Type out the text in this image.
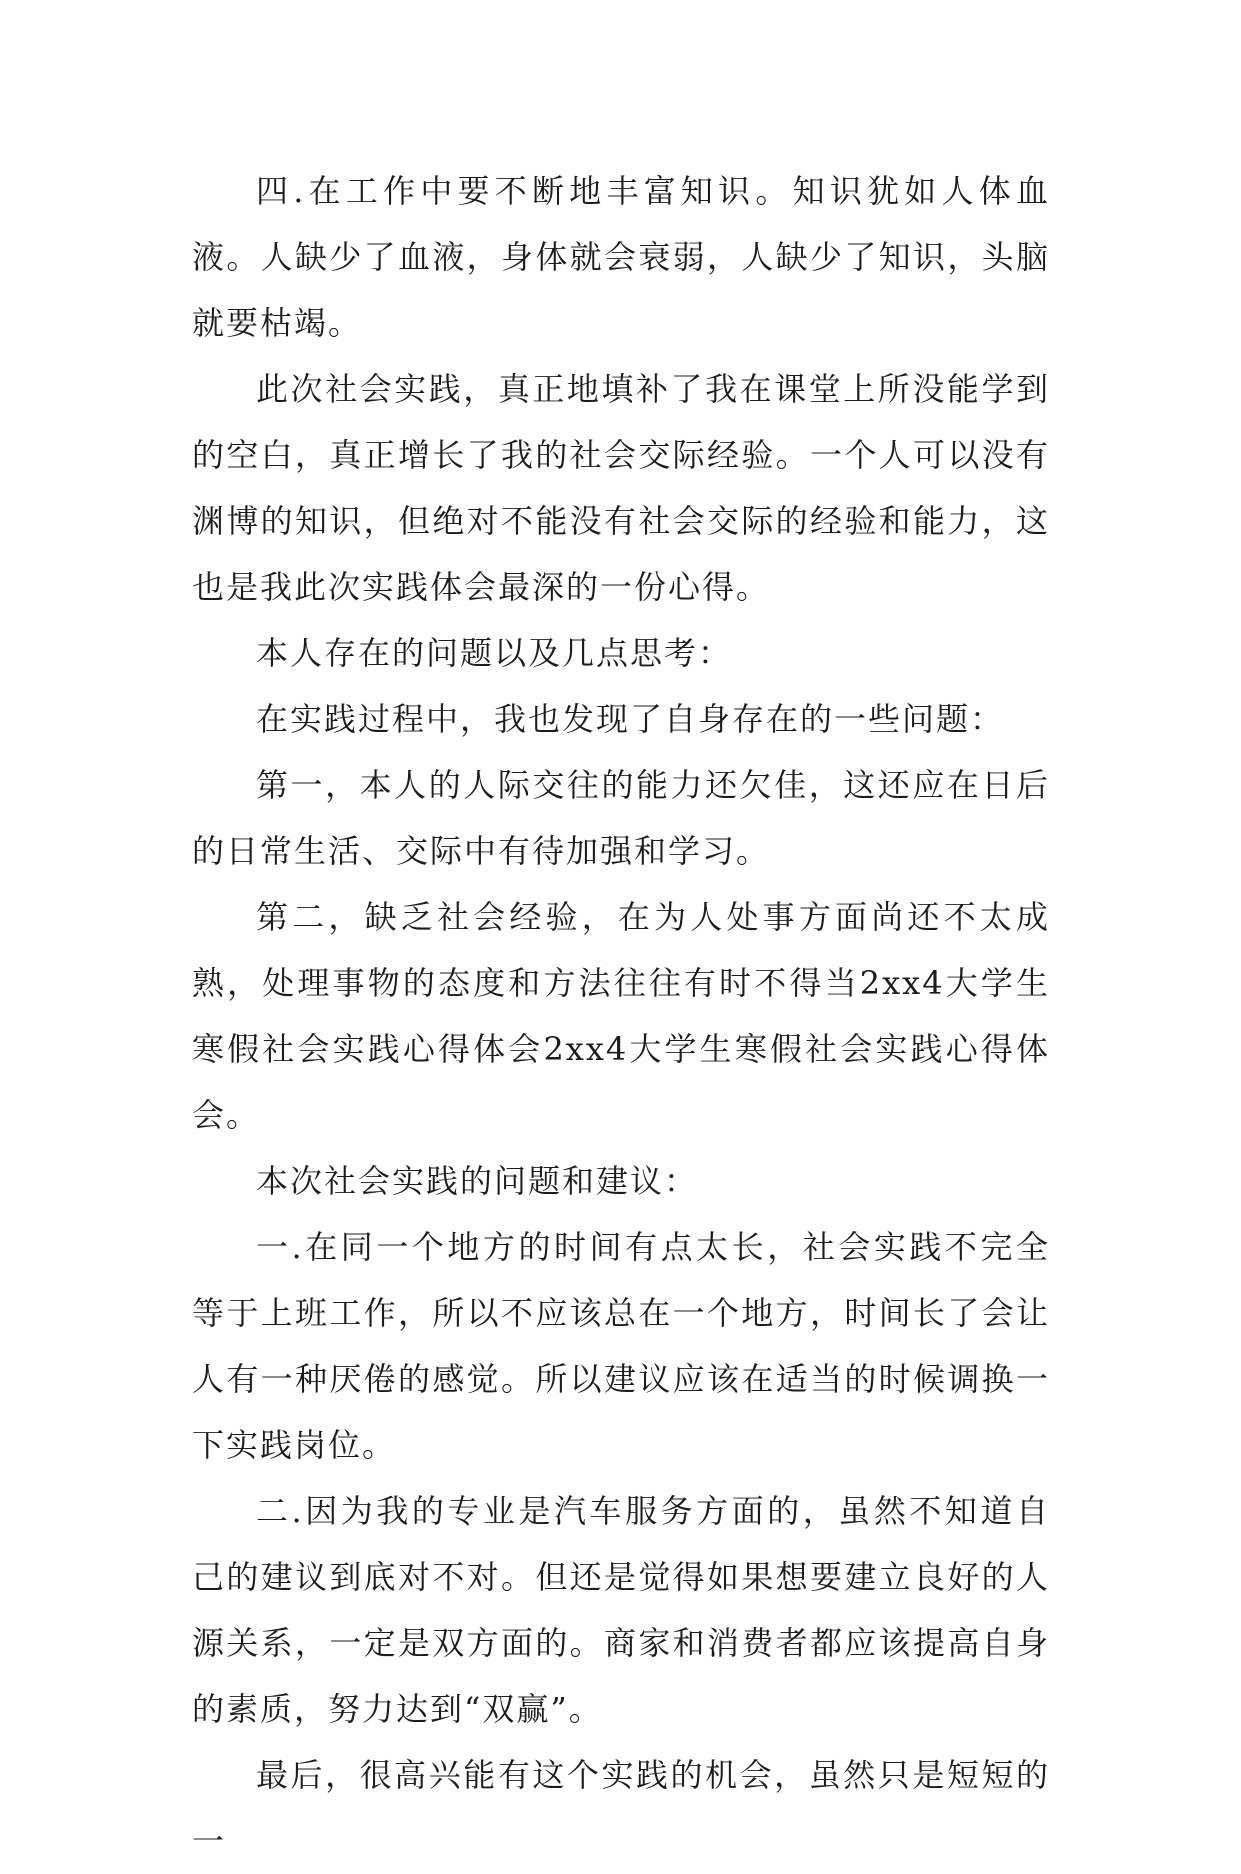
四.在工作中要不断地丰富知识。知识犹如人体血液。人缺少了血液，身体就会衰弱，人缺少了知识，头脑就要枯竭。

此次社会实践，真正地填补了我在课堂上所没能学到的空白，真正增长了我的社会交际经验。一个人可以没有渊博的知识，但绝对不能没有社会交际的经验和能力，这也是我此次实践体会最深的一份心得。

本人存在的问题以及几点思考：

在实践过程中，我也发现了自身存在的一些问题：

第一，本人的人际交往的能力还欠佳，这还应在日后的日常生活、交际中有待加强和学习。

第二，缺乏社会经验，在为人处事方面尚还不太成熟，处理事物的态度和方法往往有时不得当2xx4大学生寒假社会实践心得体会2xx4大学生寒假社会实践心得体会。

本次社会实践的问题和建议：

一.在同一个地方的时间有点太长，社会实践不完全等于上班工作，所以不应该总在一个地方，时间长了会让人有一种厌倦的感觉。所以建议应该在适当的时候调换一下实践岗位。

二.因为我的专业是汽车服务方面的，虽然不知道自己的建议到底对不对。但还是觉得如果想要建立良好的人源关系，一定是双方面的。商家和消费者都应该提高自身的素质，努力达到“双赢”。

最后，很高兴能有这个实践的机会，虽然只是短短的一
